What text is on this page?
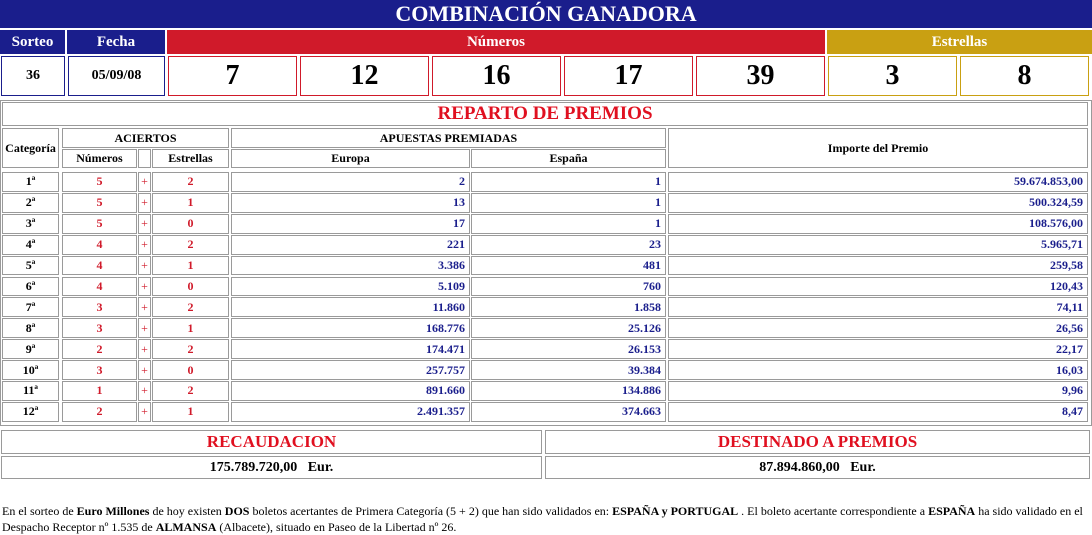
COMBINACIÓN GANADORA
Sorteo	Fecha	Números	Estrellas
36	05/09/08	7	12	16	17	39	3	8
REPARTO DE PREMIOS
Categoría
ACIERTOS
Números	Estrellas
APUESTAS PREMIADAS
Europa	España
Importe del Premio
1ª	5	+	2	2	1	59.674.853,00
2ª	5	+	1	13	1	500.324,59
3ª	5	+	0	17	1	108.576,00
4ª	4	+	2	221	23	5.965,71
5ª	4	+	1	3.386	481	259,58
6ª	4	+	0	5.109	760	120,43
7ª	3	+	2	11.860	1.858	74,11
8ª	3	+	1	168.776	25.126	26,56
9ª	2	+	2	174.471	26.153	22,17
10ª	3	+	0	257.757	39.384	16,03
11ª	1	+	2	891.660	134.886	9,96
12ª	2	+	1	2.491.357	374.663	8,47
RECAUDACION
175.789.720,00   Eur.
DESTINADO A PREMIOS
87.894.860,00   Eur.
En el sorteo de Euro Millones de hoy existen DOS boletos acertantes de Primera Categoría (5 + 2) que han sido validados en: ESPAÑA y PORTUGAL . El boleto acertante correspondiente a ESPAÑA ha sido validado en el Despacho Receptor nº 1.535 de ALMANSA (Albacete), situado en Paseo de la Libertad nº 26.
